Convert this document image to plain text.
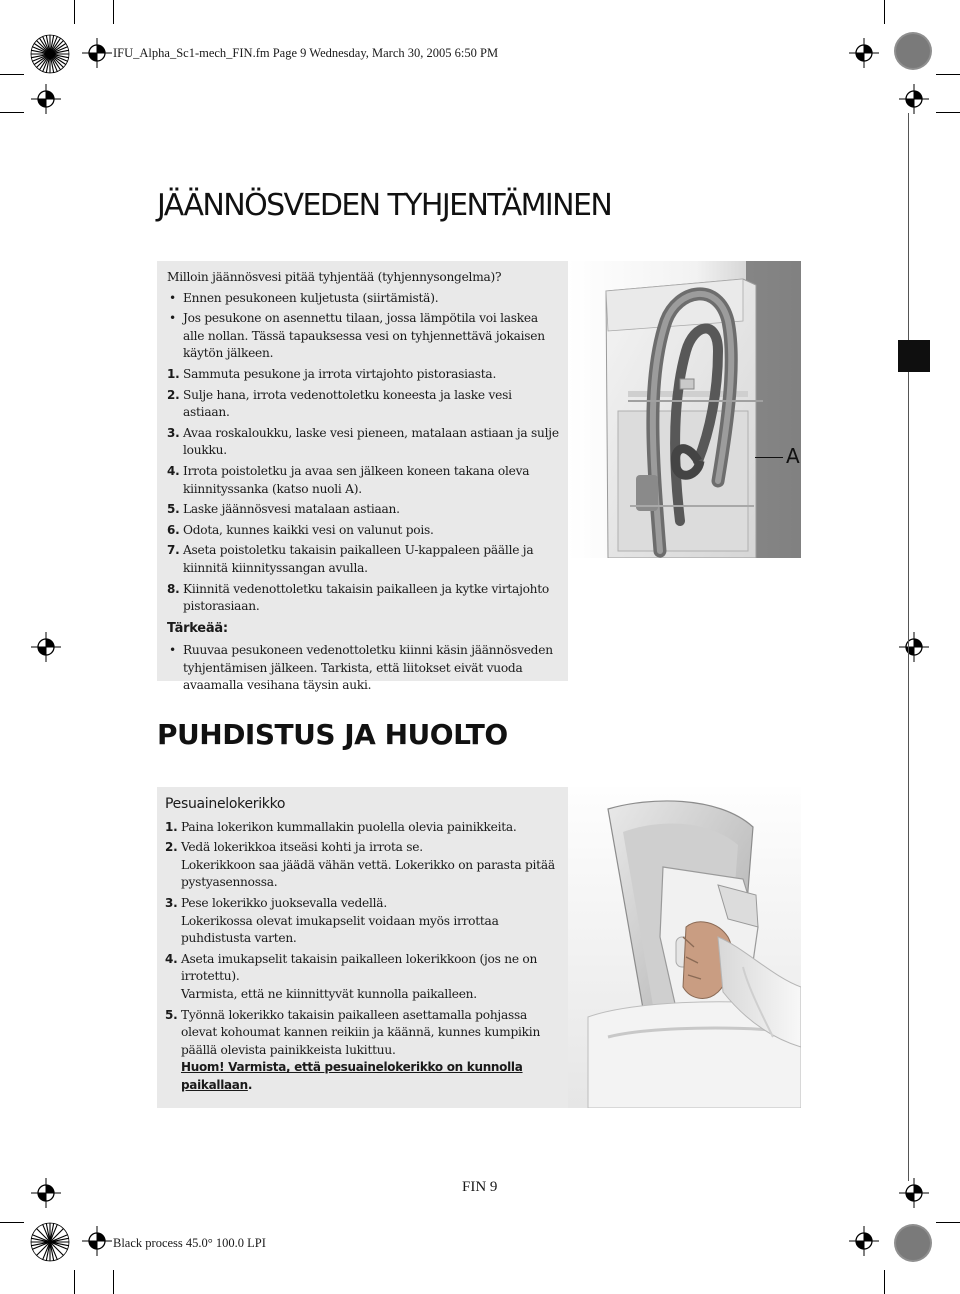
IFU_Alpha_Sc1-mech_FIN.fm Page 9 Wednesday, March 30, 2005 6:50 PM
JÄÄNNÖSVEDEN TYHJENTÄMINEN
Milloin jäännösvesi pitää tyhjentää (tyhjennysongelma)?
• Ennen pesukoneen kuljetusta (siirtämistä).
• Jos pesukone on asennettu tilaan, jossa lämpötila voi laskea alle nollan. Tässä tapauksessa vesi on tyhjennettävä jokaisen käytön jälkeen.
1. Sammuta pesukone ja irrota virtajohto pistorasiasta.
2. Sulje hana, irrota vedenottoletku koneesta ja laske vesi astiaan.
3. Avaa roskaloukku, laske vesi pieneen, matalaan astiaan ja sulje loukku.
4. Irrota poistoletku ja avaa sen jälkeen koneen takana oleva kiinnityssanka (katso nuoli A).
5. Laske jäännösvesi matalaan astiaan.
6. Odota, kunnes kaikki vesi on valunut pois.
7. Aseta poistoletku takaisin paikalleen U-kappaleen päälle ja kiinnitä kiinnityssangan avulla.
8. Kiinnitä vedenottoletku takaisin paikalleen ja kytke virtajohto pistorasiaan.
Tärkeää:
• Ruuvaa pesukoneen vedenottoletku kiinni käsin jäännösveden tyhjentämisen jälkeen. Tarkista, että liitokset eivät vuoda avaamalla vesihana täysin auki.
A
PUHDISTUS JA HUOLTO
Pesuainelokerikko
1. Paina lokerikon kummallakin puolella olevia painikkeita.
2. Vedä lokerikkoa itseäsi kohti ja irrota se.
Lokerikkoon saa jäädä vähän vettä. Lokerikko on parasta pitää pystyasennossa.
3. Pese lokerikko juoksevalla vedellä.
Lokerikossa olevat imukapselit voidaan myös irrottaa puhdistusta varten.
4. Aseta imukapselit takaisin paikalleen lokerikkoon (jos ne on irrotettu).
Varmista, että ne kiinnittyvät kunnolla paikalleen.
5. Työnnä lokerikko takaisin paikalleen asettamalla pohjassa olevat kohoumat kannen reikiin ja käännä, kunnes kumpikin päällä olevista painikkeista lukittuu.
Huom! Varmista, että pesuainelokerikko on kunnolla paikallaan.
FIN 9
Black process 45.0° 100.0 LPI
